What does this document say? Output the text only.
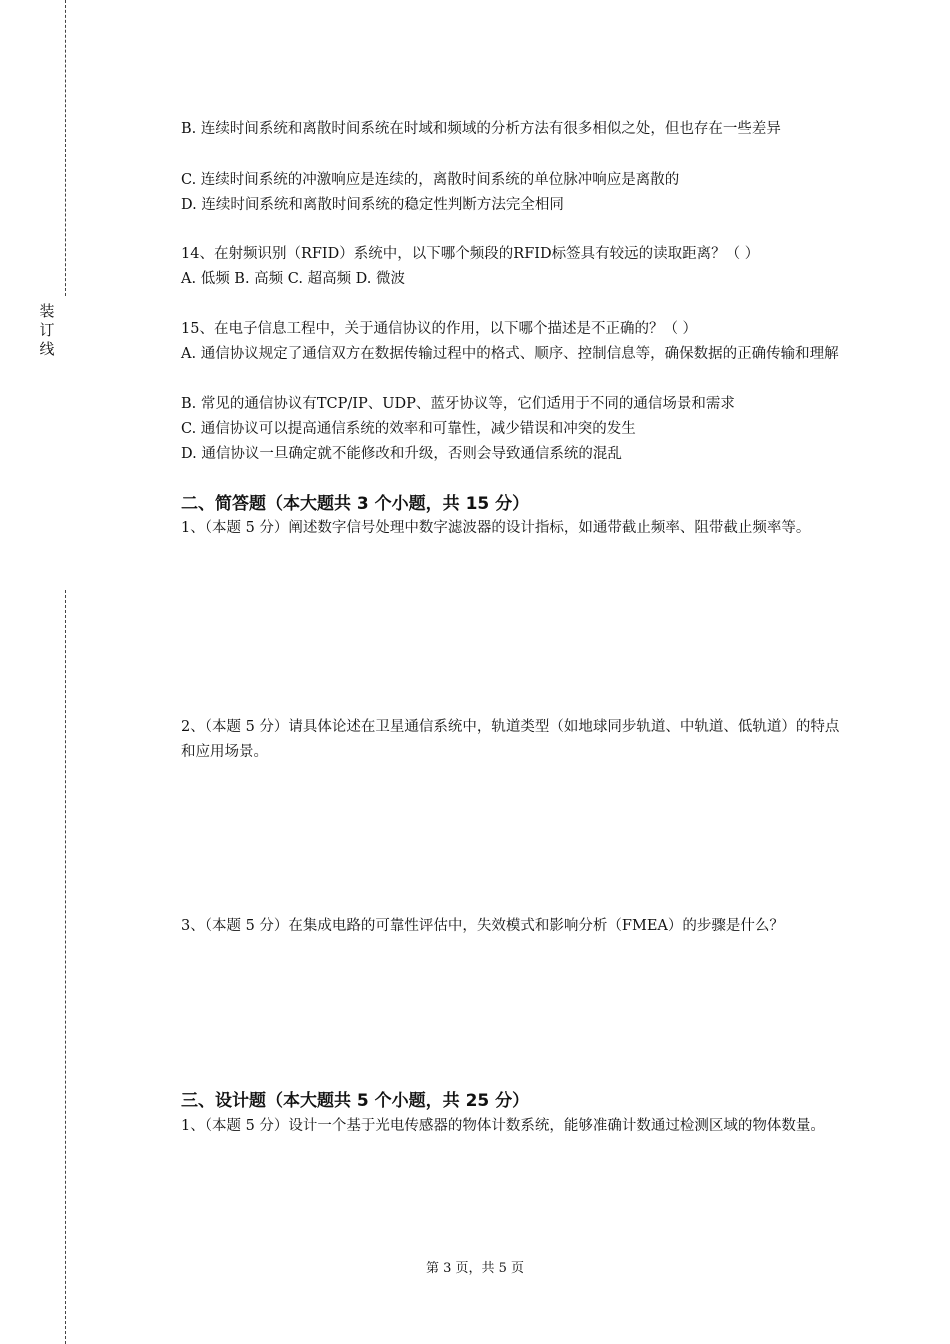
装
订
线
B. 连续时间系统和离散时间系统在时域和频域的分析方法有很多相似之处，但也存在一些差异
C. 连续时间系统的冲激响应是连续的，离散时间系统的单位脉冲响应是离散的
D. 连续时间系统和离散时间系统的稳定性判断方法完全相同
14、在射频识别（RFID）系统中，以下哪个频段的RFID标签具有较远的读取距离？（ ）
A. 低频 B. 高频 C. 超高频 D. 微波
15、在电子信息工程中，关于通信协议的作用，以下哪个描述是不正确的？（ ）
A. 通信协议规定了通信双方在数据传输过程中的格式、顺序、控制信息等，确保数据的正确传输和理解
B. 常见的通信协议有TCP/IP、UDP、蓝牙协议等，它们适用于不同的通信场景和需求
C. 通信协议可以提高通信系统的效率和可靠性，减少错误和冲突的发生
D. 通信协议一旦确定就不能修改和升级，否则会导致通信系统的混乱
二、简答题（本大题共 3 个小题，共 15 分）
1、（本题 5 分）阐述数字信号处理中数字滤波器的设计指标，如通带截止频率、阻带截止频率等。
2、（本题 5 分）请具体论述在卫星通信系统中，轨道类型（如地球同步轨道、中轨道、低轨道）的特点和应用场景。
3、（本题 5 分）在集成电路的可靠性评估中，失效模式和影响分析（FMEA）的步骤是什么？
三、设计题（本大题共 5 个小题，共 25 分）
1、（本题 5 分）设计一个基于光电传感器的物体计数系统，能够准确计数通过检测区域的物体数量。
第 3 页，共 5 页
